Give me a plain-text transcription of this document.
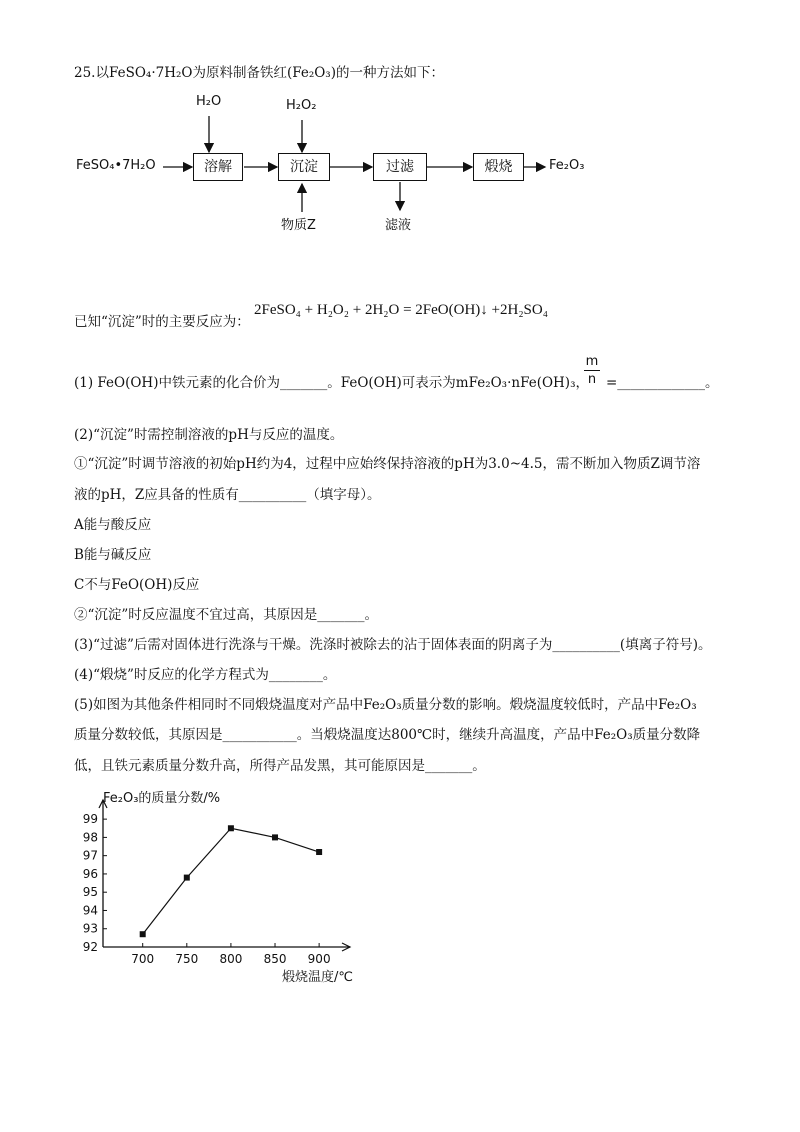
25.以FeSO₄·7H₂O为原料制备铁红(Fe₂O₃)的一种方法如下：
FeSO₄•7H₂O
H₂O	H₂O₂
物质Z	滤液
Fe₂O₃
溶解	沉淀	过滤	煅烧
已知“沉淀”时的主要反应为：
2FeSO₄ + H₂O₂ + 2H₂O = 2FeO(OH)↓ +2H₂SO₄
(1) FeO(OH)中铁元素的化合价为_______。FeO(OH)可表示为mFe₂O₃·nFe(OH)₃，
$\frac{m}{n}$ =_____________。
(2)“沉淀”时需控制溶液的pH与反应的温度。
①“沉淀”时调节溶液的初始pH约为4，过程中应始终保持溶液的pH为3.0~4.5，需不断加入物质Z调节溶
液的pH，Z应具备的性质有__________（填字母）。
A能与酸反应
B能与碱反应
C不与FeO(OH)反应
②“沉淀”时反应温度不宜过高，其原因是_______。
(3)“过滤”后需对固体进行洗涤与干燥。洗涤时被除去的沾于固体表面的阴离子为__________(填离子符号)。
(4)“煅烧”时反应的化学方程式为________。
(5)如图为其他条件相同时不同煅烧温度对产品中Fe₂O₃质量分数的影响。煅烧温度较低时，产品中Fe₂O₃
质量分数较低，其原因是___________。当煅烧温度达800℃时，继续升高温度，产品中Fe₂O₃质量分数降
低，且铁元素质量分数升高，所得产品发黑，其可能原因是_______。
Fe₂O₃的质量分数/%
煅烧温度/℃
92
93
94
95
96
97
98
99
700 750 800 850 900
